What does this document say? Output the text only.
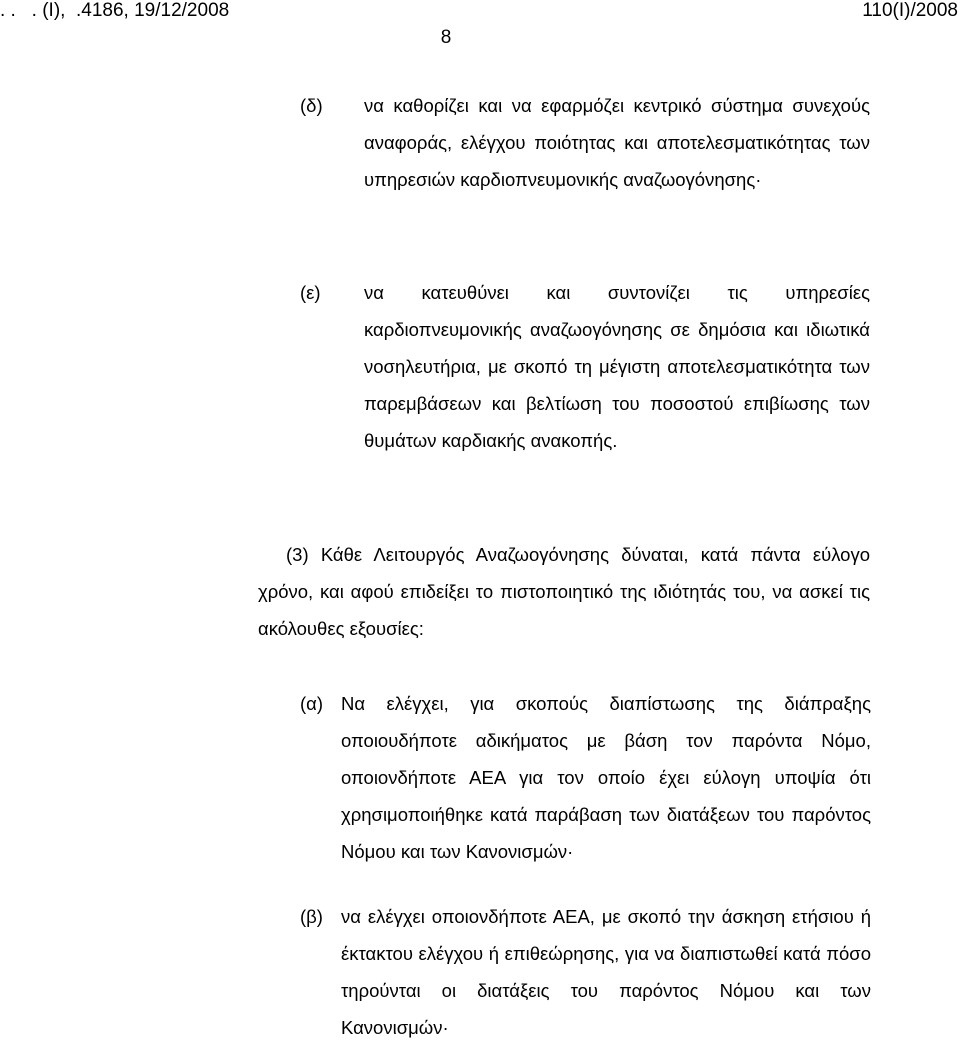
. .   . (Ι),  .4186, 19/12/2008	110(Ι)/2008
8
(δ) να καθορίζει και να εφαρμόζει κεντρικό σύστημα συνεχούς αναφοράς, ελέγχου ποιότητας και αποτελεσματικότητας των υπηρεσιών καρδιοπνευμονικής αναζωογόνησης·
(ε) να κατευθύνει και συντονίζει τις υπηρεσίες καρδιοπνευμονικής αναζωογόνησης σε δημόσια και ιδιωτικά νοσηλευτήρια, με σκοπό τη μέγιστη αποτελεσματικότητα των παρεμβάσεων και βελτίωση του ποσοστού επιβίωσης των θυμάτων καρδιακής ανακοπής.
(3) Κάθε Λειτουργός Αναζωογόνησης δύναται, κατά πάντα εύλογο χρόνο, και αφού επιδείξει το πιστοποιητικό της ιδιότητάς του, να ασκεί τις ακόλουθες εξουσίες:
(α) Να ελέγχει, για σκοπούς διαπίστωσης της διάπραξης οποιουδήποτε αδικήματος με βάση τον παρόντα Νόμο, οποιονδήποτε ΑΕΑ για τον οποίο έχει εύλογη υποψία ότι χρησιμοποιήθηκε κατά παράβαση των διατάξεων του παρόντος Νόμου και των Κανονισμών·
(β) να ελέγχει οποιονδήποτε ΑΕΑ, με σκοπό την άσκηση ετήσιου ή έκτακτου ελέγχου ή επιθεώρησης, για να διαπιστωθεί κατά πόσο τηρούνται οι διατάξεις του παρόντος Νόμου και των Κανονισμών·
